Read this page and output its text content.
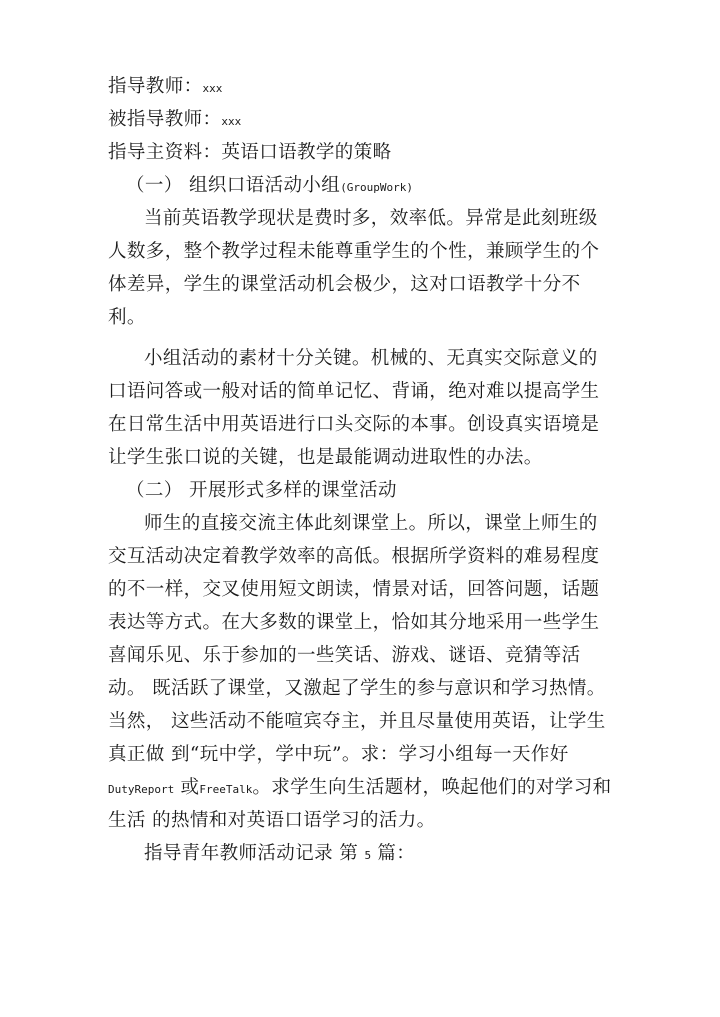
指导教师：xxx
被指导教师：xxx
指导主资料：英语口语教学的策略
（一） 组织口语活动小组(GroupWork)
当前英语教学现状是费时多，效率低。异常是此刻班级
人数多，整个教学过程未能尊重学生的个性，兼顾学生的个
体差异，学生的课堂活动机会极少，这对口语教学十分不
利。
小组活动的素材十分关键。机械的、无真实交际意义的
口语问答或一般对话的简单记忆、背诵，绝对难以提高学生
在日常生活中用英语进行口头交际的本事。创设真实语境是
让学生张口说的关键，也是最能调动进取性的办法。
（二） 开展形式多样的课堂活动
师生的直接交流主体此刻课堂上。所以，课堂上师生的
交互活动决定着教学效率的高低。根据所学资料的难易程度
的不一样，交叉使用短文朗读，情景对话，回答问题，话题
表达等方式。在大多数的课堂上，恰如其分地采用一些学生
喜闻乐见、乐于参加的一些笑话、游戏、谜语、竞猜等活
动。 既活跃了课堂，又激起了学生的参与意识和学习热情。
当然， 这些活动不能喧宾夺主，并且尽量使用英语，让学生
真正做 到“玩中学，学中玩”。求：学习小组每一天作好
DutyReport 或FreeTalk。求学生向生活题材，唤起他们的对学习和
生活 的热情和对英语口语学习的活力。
指导青年教师活动记录 第 5 篇：
